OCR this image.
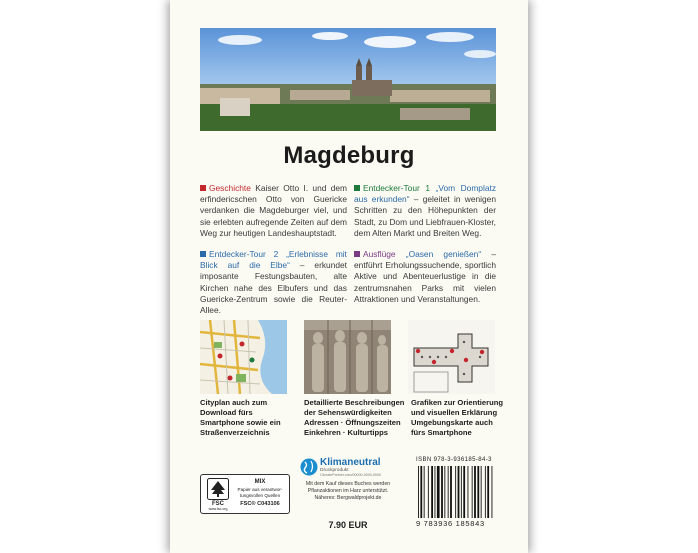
Magdeburg
Geschichte Kaiser Otto I. und dem erfindericschen Otto von Guericke verdanken die Magdeburger viel, und sie erlebten aufregende Zeiten auf dem Weg zur heutigen Landeshauptstadt.
Entdecker-Tour 1 „Vom Domplatz aus erkunden“ – geleitet in wenigen Schritten zu den Höhepunkten der Stadt, zu Dom und Liebfrauen-Kloster, dem Alten Markt und Breiten Weg.
Entdecker-Tour 2 „Erlebnisse mit Blick auf die Elbe“ – erkundet imposante Festungsbauten, alte Kirchen nahe des Elbufers und das Guericke-Zentrum sowie die Reuter-Allee.
Ausflüge „Oasen genießen“ – entführt Erholungssuchende, sportlich Aktive und Abenteuerlustige in die zentrumsnahen Parks mit vielen Attraktionen und Veranstaltungen.
Cityplan auch zum
Download fürs
Smartphone sowie ein
Straßenverzeichnis
Detaillierte Beschreibungen
der Sehenswürdigkeiten
Adressen · Öffnungszeiten
Einkehren · Kulturtipps
Grafiken zur Orientierung
und visuellen Erklärung
Umgebungskarte auch
fürs Smartphone
FSC
www.fsc.org
MIX
Papier aus verantwor-
tungsvollen Quellen
FSC® C043106
Klimaneutral
Druckprodukt
ClimatePartner.com/00000-0000-0000
Mit dem Kauf dieses Buches werden
Pflanzaktionen im Harz unterstützt.
Näheres: Bergwaldprojekt.de
7.90 EUR
ISBN 978-3-936185-84-3
9 783936 185843
